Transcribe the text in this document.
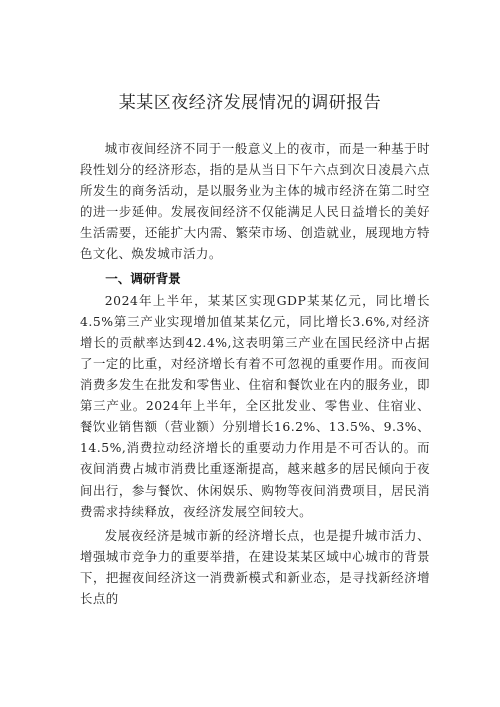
某某区夜经济发展情况的调研报告

城市夜间经济不同于一般意义上的夜市，而是一种基于时段性划分的经济形态，指的是从当日下午六点到次日凌晨六点所发生的商务活动，是以服务业为主体的城市经济在第二时空的进一步延伸。发展夜间经济不仅能满足人民日益增长的美好生活需要，还能扩大内需、繁荣市场、创造就业，展现地方特色文化、焕发城市活力。

一、调研背景

2024年上半年，某某区实现GDP某某亿元，同比增长4.5%第三产业实现增加值某某亿元，同比增长3.6%,对经济增长的贡献率达到42.4%,这表明第三产业在国民经济中占据了一定的比重，对经济增长有着不可忽视的重要作用。而夜间消费多发生在批发和零售业、住宿和餐饮业在内的服务业，即第三产业。2024年上半年，全区批发业、零售业、住宿业、餐饮业销售额（营业额）分别增长16.2%、13.5%、9.3%、14.5%,消费拉动经济增长的重要动力作用是不可否认的。而夜间消费占城市消费比重逐渐提高，越来越多的居民倾向于夜间出行，参与餐饮、休闲娱乐、购物等夜间消费项目，居民消费需求持续释放，夜经济发展空间较大。

发展夜经济是城市新的经济增长点，也是提升城市活力、增强城市竞争力的重要举措，在建设某某区域中心城市的背景下，把握夜间经济这一消费新模式和新业态，是寻找新经济增长点的
